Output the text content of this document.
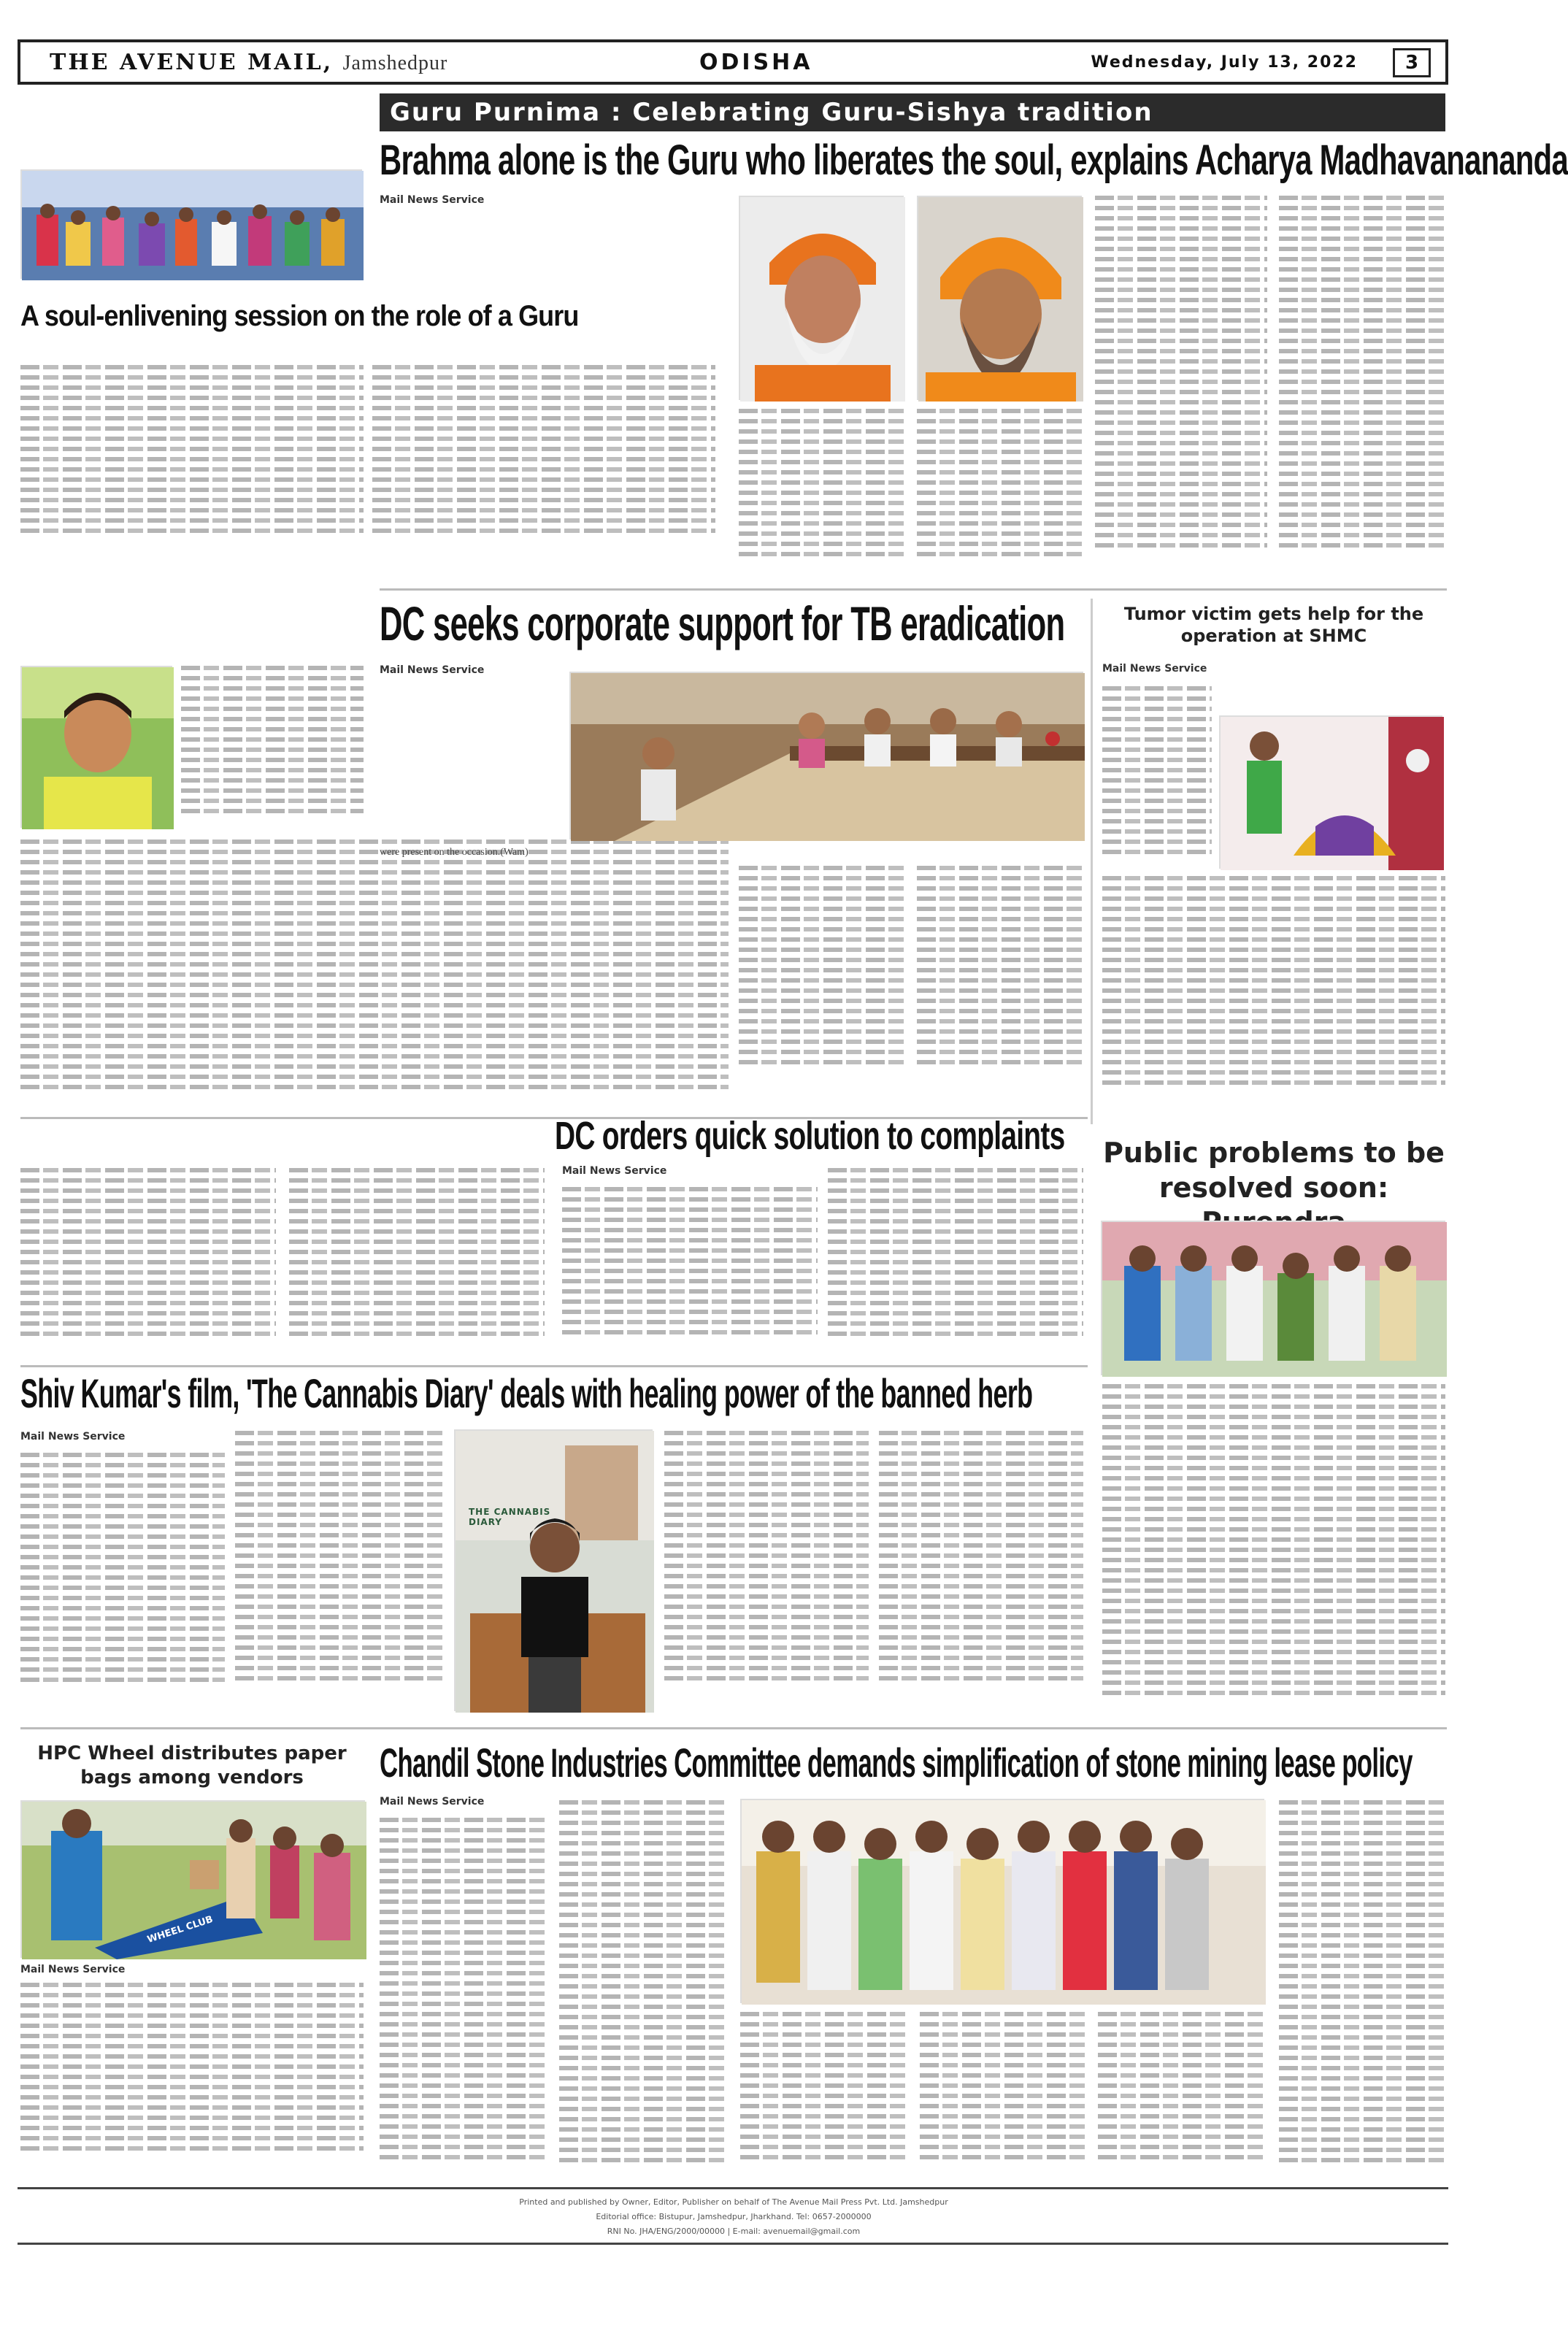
THE AVENUE MAIL, Jamshedpur	ODISHA	Wednesday, July 13, 2022	3
A soul-enlivening session on the role of a Guru
Guru Purnima : Celebrating Guru-Sishya tradition
Brahma alone is the Guru who liberates the soul, explains Acharya Madhavanananda
Mail News Service
DC seeks corporate support for TB eradication
Mail News Service
were present on the occasion.(Wam)
Tumor victim gets help for the operation at SHMC
Mail News Service
DC orders quick solution to complaints
Mail News Service
Public problems to be resolved soon:
Shiv Kumar's film, 'The Cannabis Diary' deals with healing power of the banned herb
Mail News Service
THE CANNABIS DIARY
HPC Wheel distributes paper bags among vendors
WHEEL CLUB
Mail News Service
Chandil Stone Industries Committee demands simplification of stone mining lease policy
Mail News Service
Printed and published by Owner, Editor, Publisher on behalf of The Avenue Mail Press Pvt. Ltd. Jamshedpur
Editorial office: Bistupur, Jamshedpur, Jharkhand. Tel: 0657-2000000
RNI No. JHA/ENG/2000/00000 | E-mail: avenuemail@gmail.com
